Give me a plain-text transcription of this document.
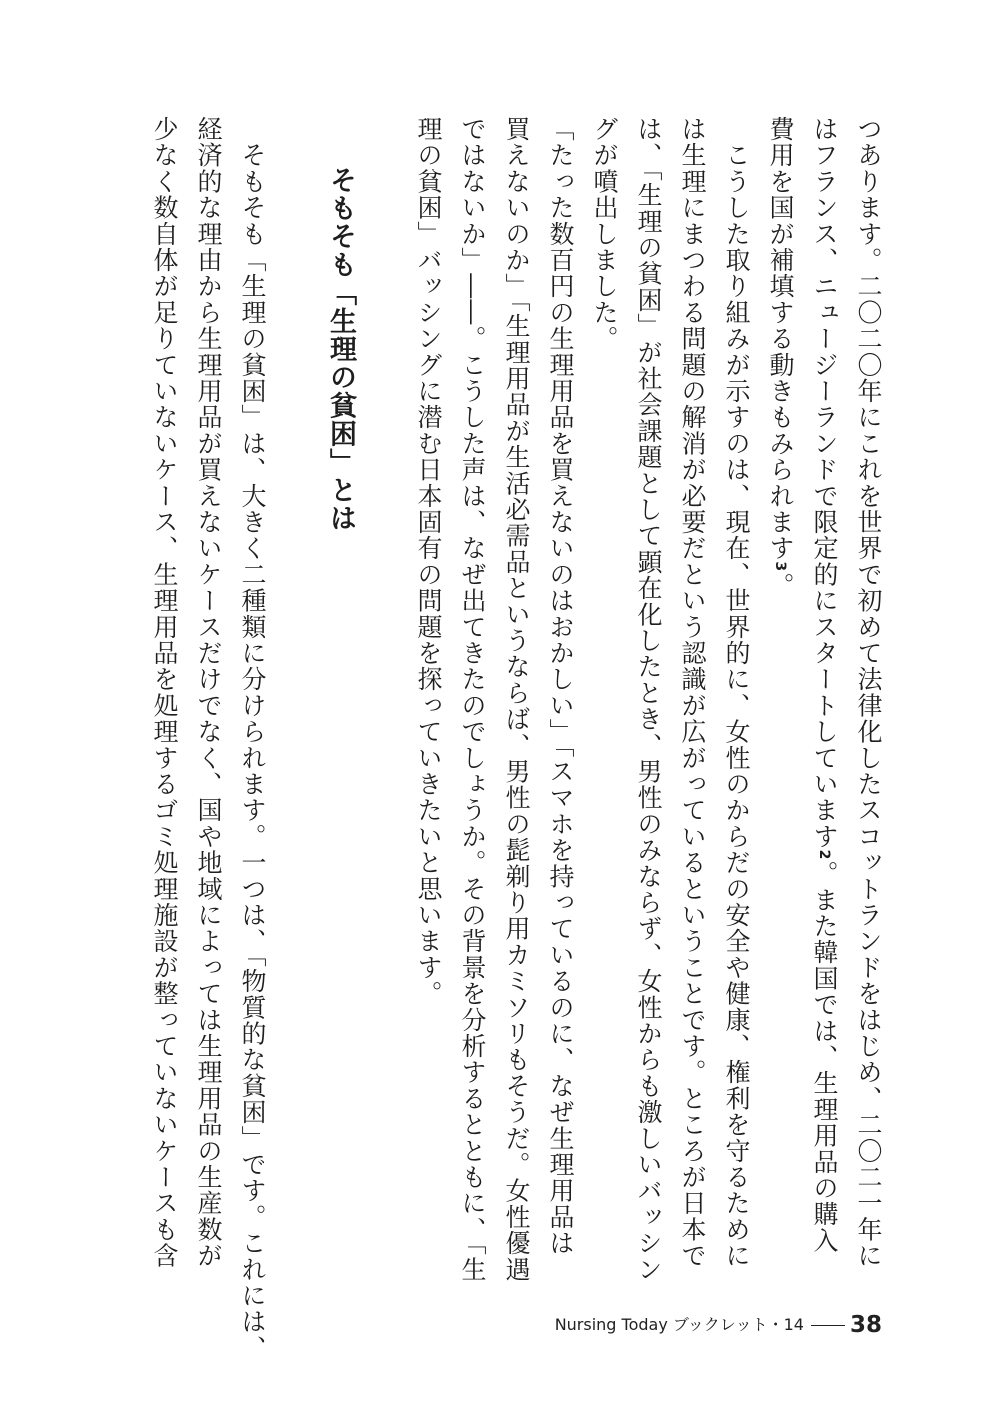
つあります。二〇二〇年にこれを世界で初めて法律化したスコットランドをはじめ、二〇二一年に
はフランス、ニュージーランドで限定的にスタートしています2。また韓国では、生理用品の購入
費用を国が補填する動きもみられます3。
　こうした取り組みが示すのは、現在、世界的に、女性のからだの安全や健康、権利を守るために
は生理にまつわる問題の解消が必要だという認識が広がっているということです。ところが日本で
は、「生理の貧困」が社会課題として顕在化したとき、男性のみならず、女性からも激しいバッシン
グが噴出しました。
「たった数百円の生理用品を買えないのはおかしい」「スマホを持っているのに、なぜ生理用品は
買えないのか」「生理用品が生活必需品というならば、男性の髭剃り用カミソリもそうだ。女性優遇
ではないか」――。こうした声は、なぜ出てきたのでしょうか。その背景を分析するとともに、「生
理の貧困」バッシングに潜む日本固有の問題を探っていきたいと思います。
そもそも「生理の貧困」とは
　そもそも「生理の貧困」は、大きく二種類に分けられます。一つは、「物質的な貧困」です。これには、
経済的な理由から生理用品が買えないケースだけでなく、国や地域によっては生理用品の生産数が
少なく数自体が足りていないケース、生理用品を処理するゴミ処理施設が整っていないケースも含
Nursing Today ブックレット・14 38
